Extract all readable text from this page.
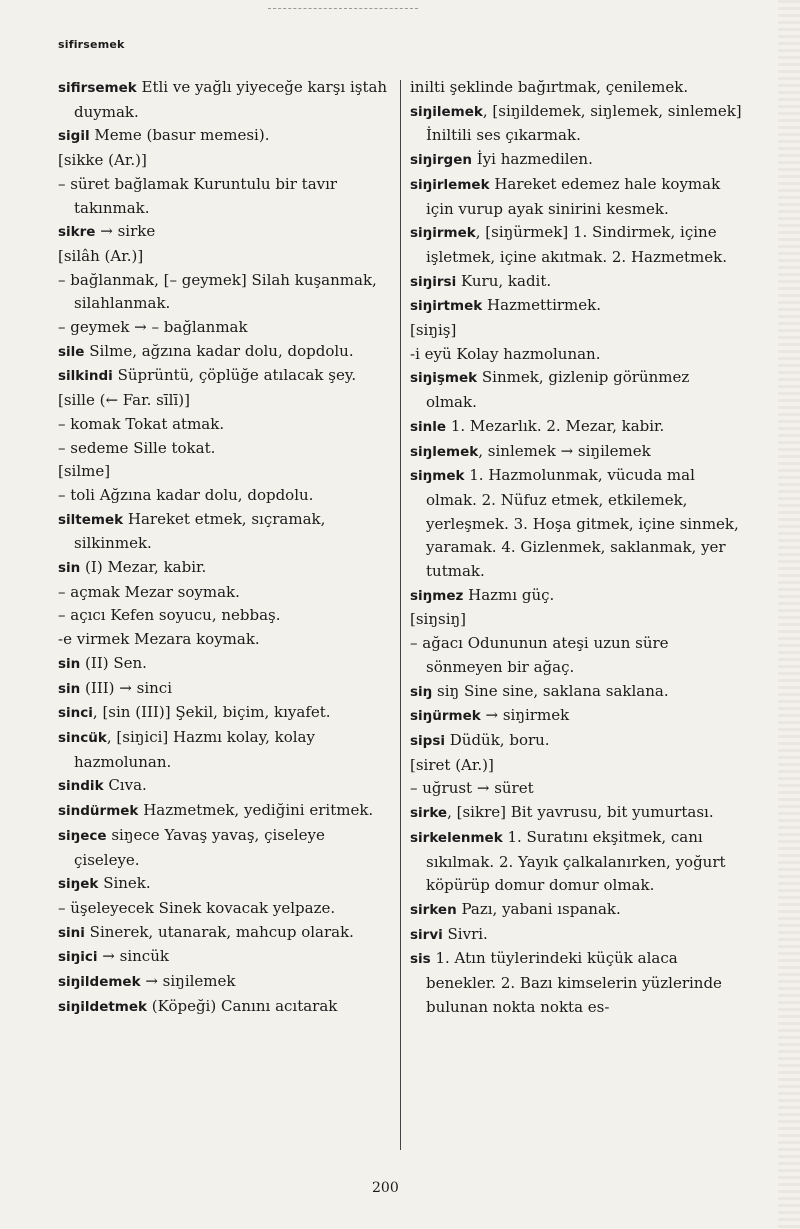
sifirsemek

sifirsemek Etli ve yağlı yiyeceğe karşı iştah duymak.

sigil Meme (basur memesi).

[sikke (Ar.)]

– süret bağlamak Kuruntulu bir tavır takınmak.

sikre → sirke

[silâh (Ar.)]

– bağlanmak, [– geymek] Silah kuşanmak, silahlanmak.

– geymek → – bağlanmak

sile Silme, ağzına kadar dolu, dopdolu.

silkindi Süprüntü, çöplüğe atılacak şey.

[sille (← Far. sīlī)]

– komak Tokat atmak.

– sedeme Sille tokat.

[silme]

– toli Ağzına kadar dolu, dopdolu.

siltemek Hareket etmek, sıçramak, silkinmek.

sin (I) Mezar, kabir.

– açmak Mezar soymak.

– açıcı Kefen soyucu, nebbaş.

-e virmek Mezara koymak.

sin (II) Sen.

sin (III) → sinci

sinci, [sin (III)] Şekil, biçim, kıyafet.

sincük, [siŋici] Hazmı kolay, kolay hazmolunan.

sindik Cıva.

sindürmek Hazmetmek, yediğini eritmek.

siŋece siŋece Yavaş yavaş, çiseleye çiseleye.

siŋek Sinek.

– üşeleyecek Sinek kovacak yelpaze.

sini Sinerek, utanarak, mahcup olarak.

siŋici → sincük

siŋildemek → siŋilemek

siŋildetmek (Köpeği) Canını acıtarak

inilti şeklinde bağırtmak, çenilemek.

siŋilemek, [siŋildemek, siŋlemek, sinlemek] İniltili ses çıkarmak.

siŋirgen İyi hazmedilen.

siŋirlemek Hareket edemez hale koymak için vurup ayak sinirini kesmek.

siŋirmek, [siŋürmek] 1. Sindirmek, içine işletmek, içine akıtmak. 2. Hazmetmek.

siŋirsi Kuru, kadit.

siŋirtmek Hazmettirmek.

[siŋiş]

-i eyü Kolay hazmolunan.

siŋişmek Sinmek, gizlenip görünmez olmak.

sinle 1. Mezarlık. 2. Mezar, kabir.

siŋlemek, sinlemek → siŋilemek

siŋmek 1. Hazmolunmak, vücuda mal olmak. 2. Nüfuz etmek, etkilemek, yerleşmek. 3. Hoşa gitmek, içine sinmek, yaramak. 4. Gizlenmek, saklanmak, yer tutmak.

siŋmez Hazmı güç.

[siŋsiŋ]

– ağacı Odununun ateşi uzun süre sönmeyen bir ağaç.

siŋ siŋ Sine sine, saklana saklana.

siŋürmek → siŋirmek

sipsi Düdük, boru.

[siret (Ar.)]

– uğrust → süret

sirke, [sikre] Bit yavrusu, bit yumurtası.

sirkelenmek 1. Suratını ekşitmek, canı sıkılmak. 2. Yayık çalkalanırken, yoğurt köpürüp domur domur olmak.

sirken Pazı, yabani ıspanak.

sirvi Sivri.

sis 1. Atın tüylerindeki küçük alaca benekler. 2. Bazı kimselerin yüzlerinde bulunan nokta nokta es-

200
